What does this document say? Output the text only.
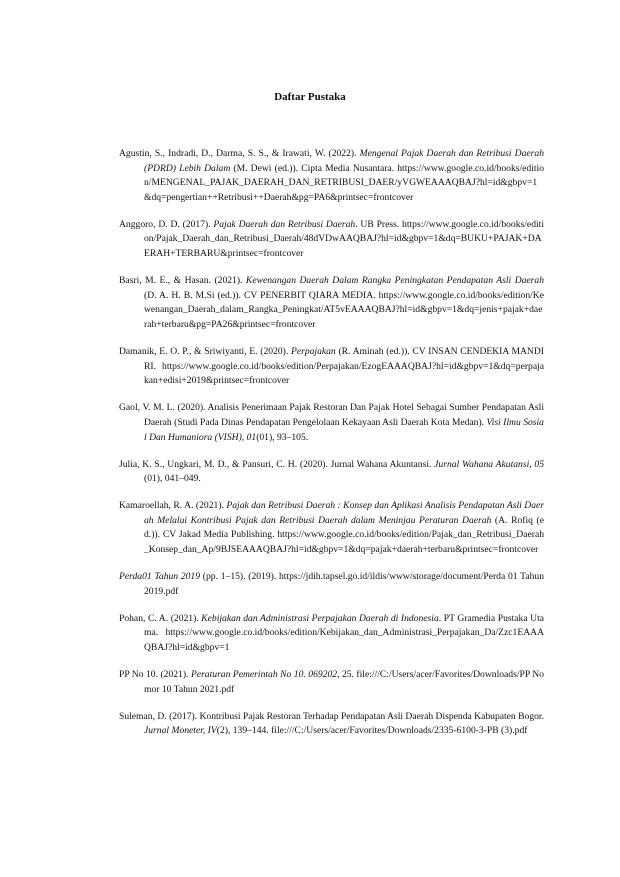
Daftar Pustaka

Agustin, S., Indradi, D., Darma, S. S., & Irawati, W. (2022). Mengenal Pajak Daerah dan Retribusi Daerah (PDRD) Lebih Dalam (M. Dewi (ed.)). Cipta Media Nusantara. https://www.google.co.id/books/edition/MENGENAL_PAJAK_DAERAH_DAN_RETRIBUSI_DAER/yVGWEAAAQBAJ?hl=id&gbpv=1&dq=pengertian++Retribusi++Daerah&pg=PA6&printsec=frontcover

Anggoro, D. D. (2017). Pajak Daerah dan Retribusi Daerah. UB Press. https://www.google.co.id/books/edition/Pajak_Daerah_dan_Retribusi_Daerah/48dVDwAAQBAJ?hl=id&gbpv=1&dq=BUKU+PAJAK+DAERAH+TERBARU&printsec=frontcover

Basri, M. E., & Hasan. (2021). Kewenangan Daerah Dalam Rangka Peningkatan Pendapatan Asli Daerah (D. A. H. B. M.Si (ed.)). CV PENERBIT QIARA MEDIA. https://www.google.co.id/books/edition/Kewenangan_Daerah_dalam_Rangka_Peningkat/AT5vEAAAQBAJ?hl=id&gbpv=1&dq=jenis+pajak+daerah+terbaru&pg=PA26&printsec=frontcover

Damanik, E. O. P., & Sriwiyanti, E. (2020). Perpajakan (R. Aminah (ed.)). CV INSAN CENDEKIA MANDIRI. https://www.google.co.id/books/edition/Perpajakan/EzogEAAAQBAJ?hl=id&gbpv=1&dq=perpajakan+edisi+2019&printsec=frontcover

Gaol, V. M. L. (2020). Analisis Penerimaan Pajak Restoran Dan Pajak Hotel Sebagai Sumber Pendapatan Asli Daerah (Studi Pada Dinas Pendapatan Pengelolaan Kekayaan Asli Daerah Kota Medan). Visi Ilmu Sosial Dan Humaniora (VISH), 01(01), 93–105.

Julia, K. S., Ungkari, M. D., & Pansuri, C. H. (2020). Jurnal Wahana Akuntansi. Jurnal Wahana Akutansi, 05(01), 041–049.

Kamaroellah, R. A. (2021). Pajak dan Retribusi Daerah : Konsep dan Aplikasi Analisis Pendapatan Asli Daerah Melalui Kontribusi Pajak dan Retribusi Daerah dalam Meninjau Peraturan Daerah (A. Rofiq (ed.)). CV Jakad Media Publishing. https://www.google.co.id/books/edition/Pajak_dan_Retribusi_Daerah_Konsep_dan_Ap/9BJSEAAAQBAJ?hl=id&gbpv=1&dq=pajak+daerah+terbaru&printsec=frontcover

Perda01 Tahun 2019 (pp. 1–15). (2019). https://jdih.tapsel.go.id/ildis/www/storage/document/Perda 01 Tahun 2019.pdf

Pohan, C. A. (2021). Kebijakan dan Administrasi Perpajakan Daerah di Indonesia. PT Gramedia Pustaka Utama. https://www.google.co.id/books/edition/Kebijakan_dan_Administrasi_Perpajakan_Da/Zzc1EAAAQBAJ?hl=id&gbpv=1

PP No 10. (2021). Peraturan Pemerintah No 10. 069202, 25. file:///C:/Users/acer/Favorites/Downloads/PP Nomor 10 Tahun 2021.pdf

Suleman, D. (2017). Kontribusi Pajak Restoran Terhadap Pendapatan Asli Daerah Dispenda Kabupaten Bogor. Jurnal Moneter, IV(2), 139–144. file:///C:/Users/acer/Favorites/Downloads/2335-6100-3-PB (3).pdf
